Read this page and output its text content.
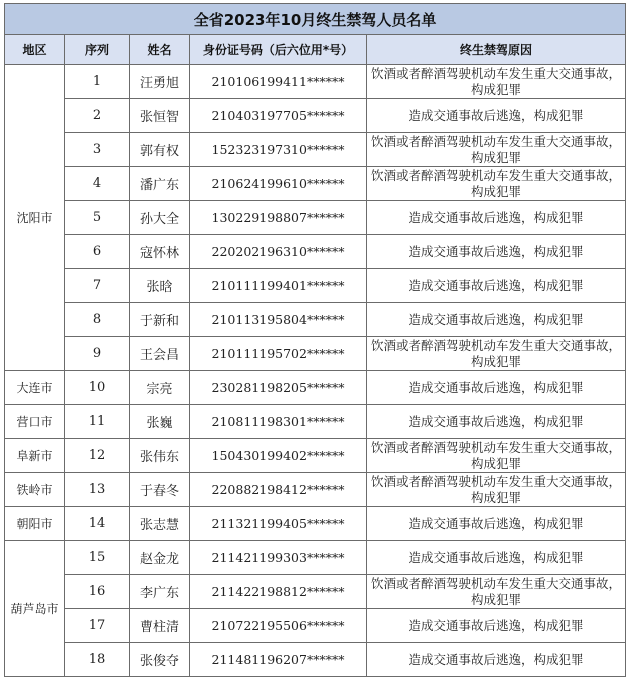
全省2023年10月终生禁驾人员名单				
地区	序列	姓名	身份证号码（后六位用*号）	终生禁驾原因
沈阳市	1	汪勇旭	210106199411******	饮酒或者醉酒驾驶机动车发生重大交通事故，构成犯罪
	2	张恒智	210403197705******	造成交通事故后逃逸，构成犯罪
	3	郭有权	152323197310******	饮酒或者醉酒驾驶机动车发生重大交通事故，构成犯罪
	4	潘广东	210624199610******	饮酒或者醉酒驾驶机动车发生重大交通事故，构成犯罪
	5	孙大全	130229198807******	造成交通事故后逃逸，构成犯罪
	6	寇怀林	220202196310******	造成交通事故后逃逸，构成犯罪
	7	张晗	210111199401******	造成交通事故后逃逸，构成犯罪
	8	于新和	210113195804******	造成交通事故后逃逸，构成犯罪
	9	王会昌	210111195702******	饮酒或者醉酒驾驶机动车发生重大交通事故，构成犯罪
大连市	10	宗亮	230281198205******	造成交通事故后逃逸，构成犯罪
营口市	11	张巍	210811198301******	造成交通事故后逃逸，构成犯罪
阜新市	12	张伟东	150430199402******	饮酒或者醉酒驾驶机动车发生重大交通事故，构成犯罪
铁岭市	13	于春冬	220882198412******	饮酒或者醉酒驾驶机动车发生重大交通事故，构成犯罪
朝阳市	14	张志慧	211321199405******	造成交通事故后逃逸，构成犯罪
葫芦岛市	15	赵金龙	211421199303******	造成交通事故后逃逸，构成犯罪
	16	李广东	211422198812******	饮酒或者醉酒驾驶机动车发生重大交通事故，构成犯罪
	17	曹柱清	210722195506******	造成交通事故后逃逸，构成犯罪
	18	张俊夺	211481196207******	造成交通事故后逃逸，构成犯罪
